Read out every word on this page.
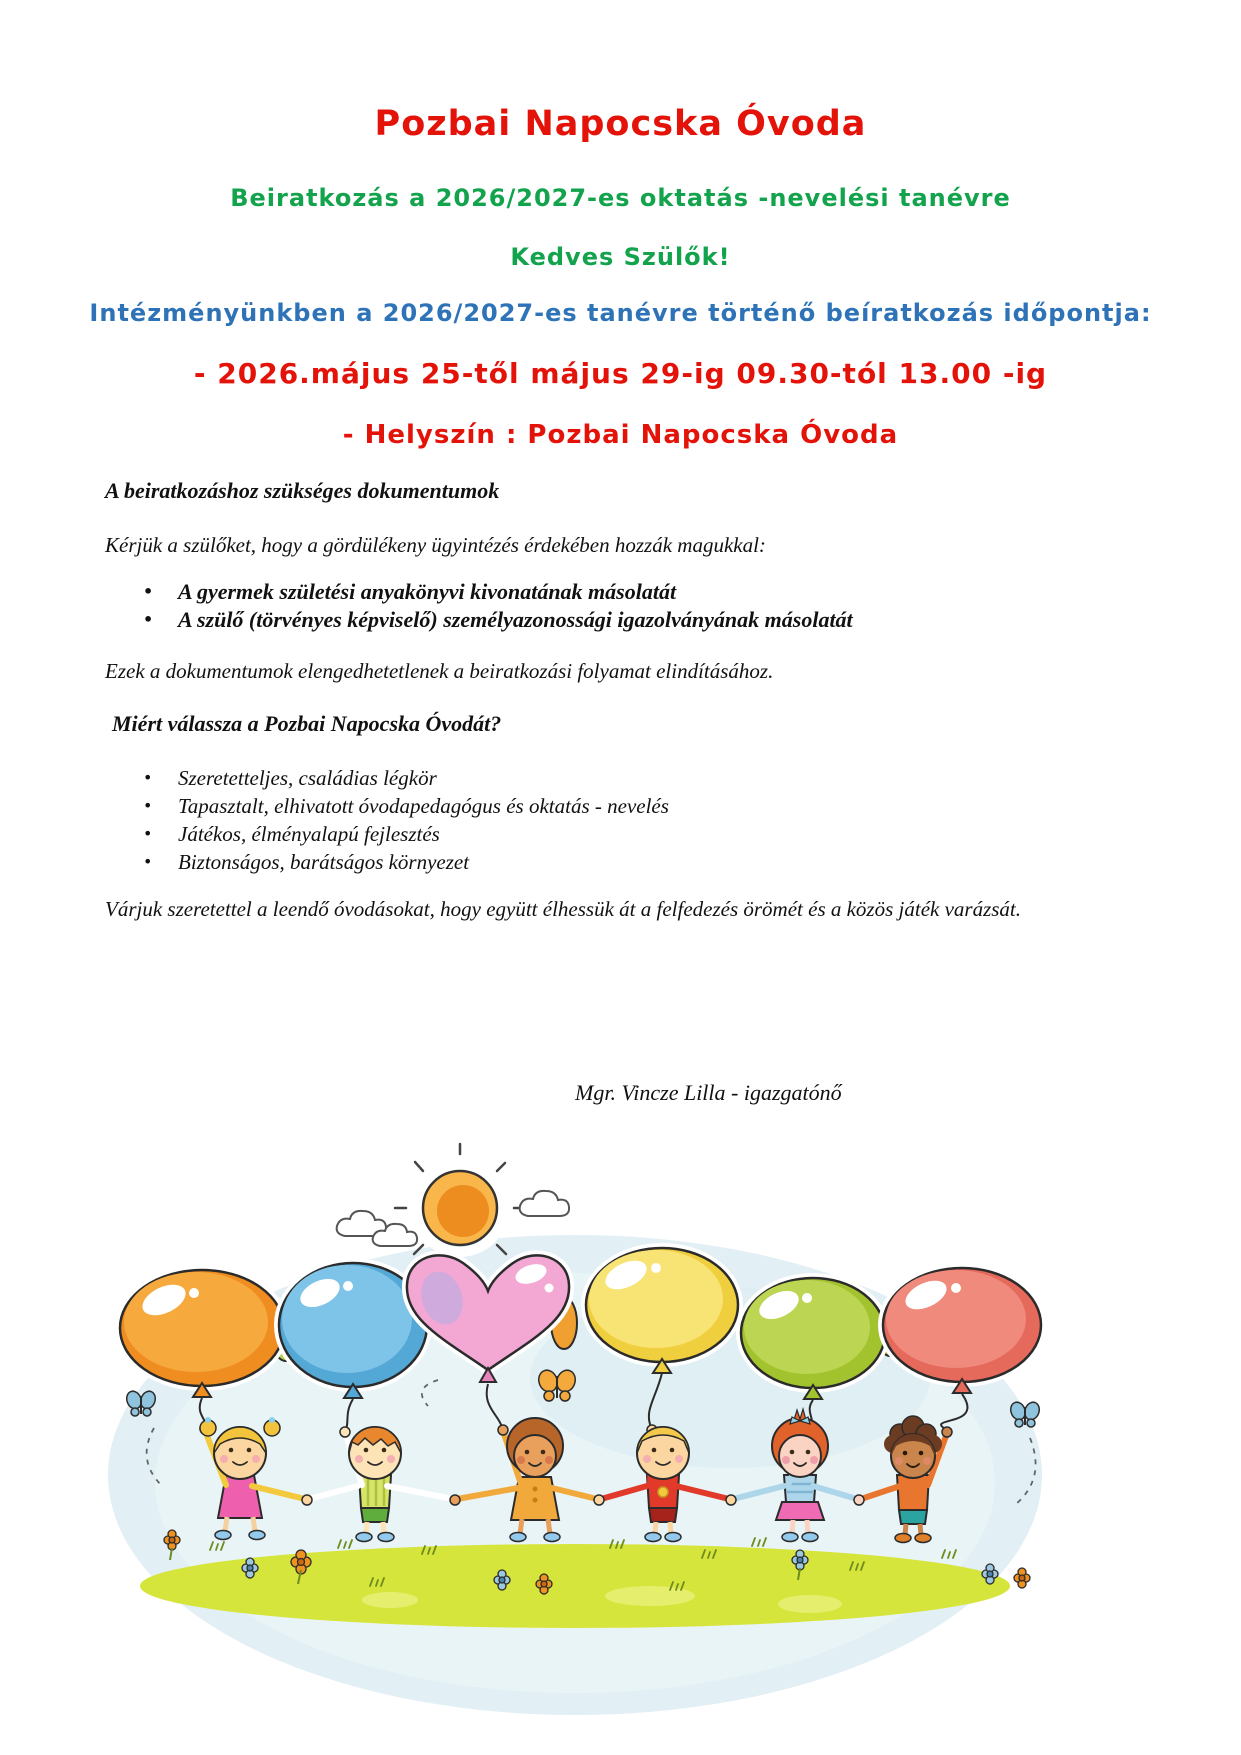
Pozbai Napocska Óvoda
Beiratkozás a 2026/2027-es oktatás -nevelési tanévre
Kedves Szülők!
Intézményünkben a 2026/2027-es tanévre történő beíratkozás időpontja:
- 2026.május 25-től május 29-ig 09.30-tól 13.00 -ig
- Helyszín : Pozbai Napocska Óvoda
A beiratkozáshoz szükséges dokumentumok
Kérjük a szülőket, hogy a gördülékeny ügyintézés érdekében hozzák magukkal:
• A gyermek születési anyakönyvi kivonatának másolatát
• A szülő (törvényes képviselő) személyazonossági igazolványának másolatát
Ezek a dokumentumok elengedhetetlenek a beiratkozási folyamat elindításához.
Miért válassza a Pozbai Napocska Óvodát?
• Szeretetteljes, családias légkör
• Tapasztalt, elhivatott óvodapedagógus és oktatás - nevelés
• Játékos, élményalapú fejlesztés
• Biztonságos, barátságos környezet
Várjuk szeretettel a leendő óvodásokat, hogy együtt élhessük át a felfedezés örömét és a közös játék varázsát.
Mgr. Vincze Lilla - igazgatónő
